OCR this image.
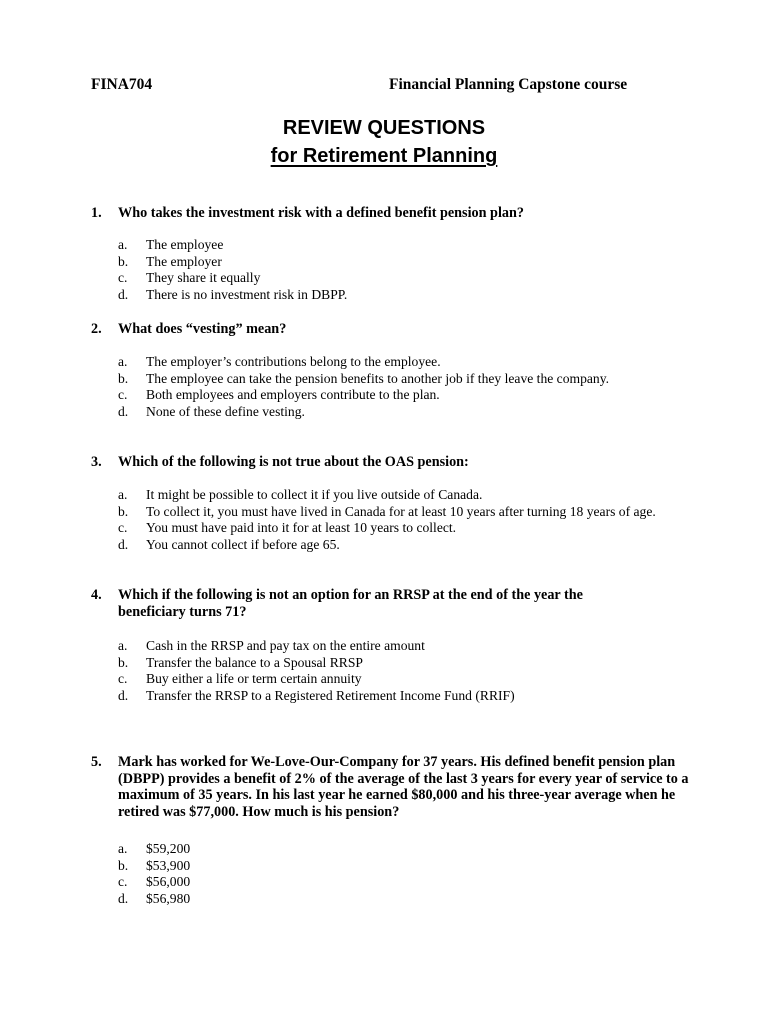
FINA704	Financial Planning Capstone course
REVIEW QUESTIONS
for Retirement Planning
1.	Who takes the investment risk with a defined benefit pension plan?
a. The employee
b. The employer
c. They share it equally
d. There is no investment risk in DBPP.
2.	What does “vesting” mean?
a. The employer’s contributions belong to the employee.
b. The employee can take the pension benefits to another job if they leave the company.
c. Both employees and employers contribute to the plan.
d. None of these define vesting.
3.	Which of the following is not true about the OAS pension:
a. It might be possible to collect it if you live outside of Canada.
b. To collect it, you must have lived in Canada for at least 10 years after turning 18 years of age.
c. You must have paid into it for at least 10 years to collect.
d. You cannot collect if before age 65.
4.	Which if the following is not an option for an RRSP at the end of the year the beneficiary turns 71?
a. Cash in the RRSP and pay tax on the entire amount
b. Transfer the balance to a Spousal RRSP
c. Buy either a life or term certain annuity
d. Transfer the RRSP to a Registered Retirement Income Fund (RRIF)
5.	Mark has worked for We-Love-Our-Company for 37 years. His defined benefit pension plan (DBPP) provides a benefit of 2% of the average of the last 3 years for every year of service to a maximum of 35 years. In his last year he earned $80,000 and his three-year average when he retired was $77,000. How much is his pension?
a. $59,200
b. $53,900
c. $56,000
d. $56,980
